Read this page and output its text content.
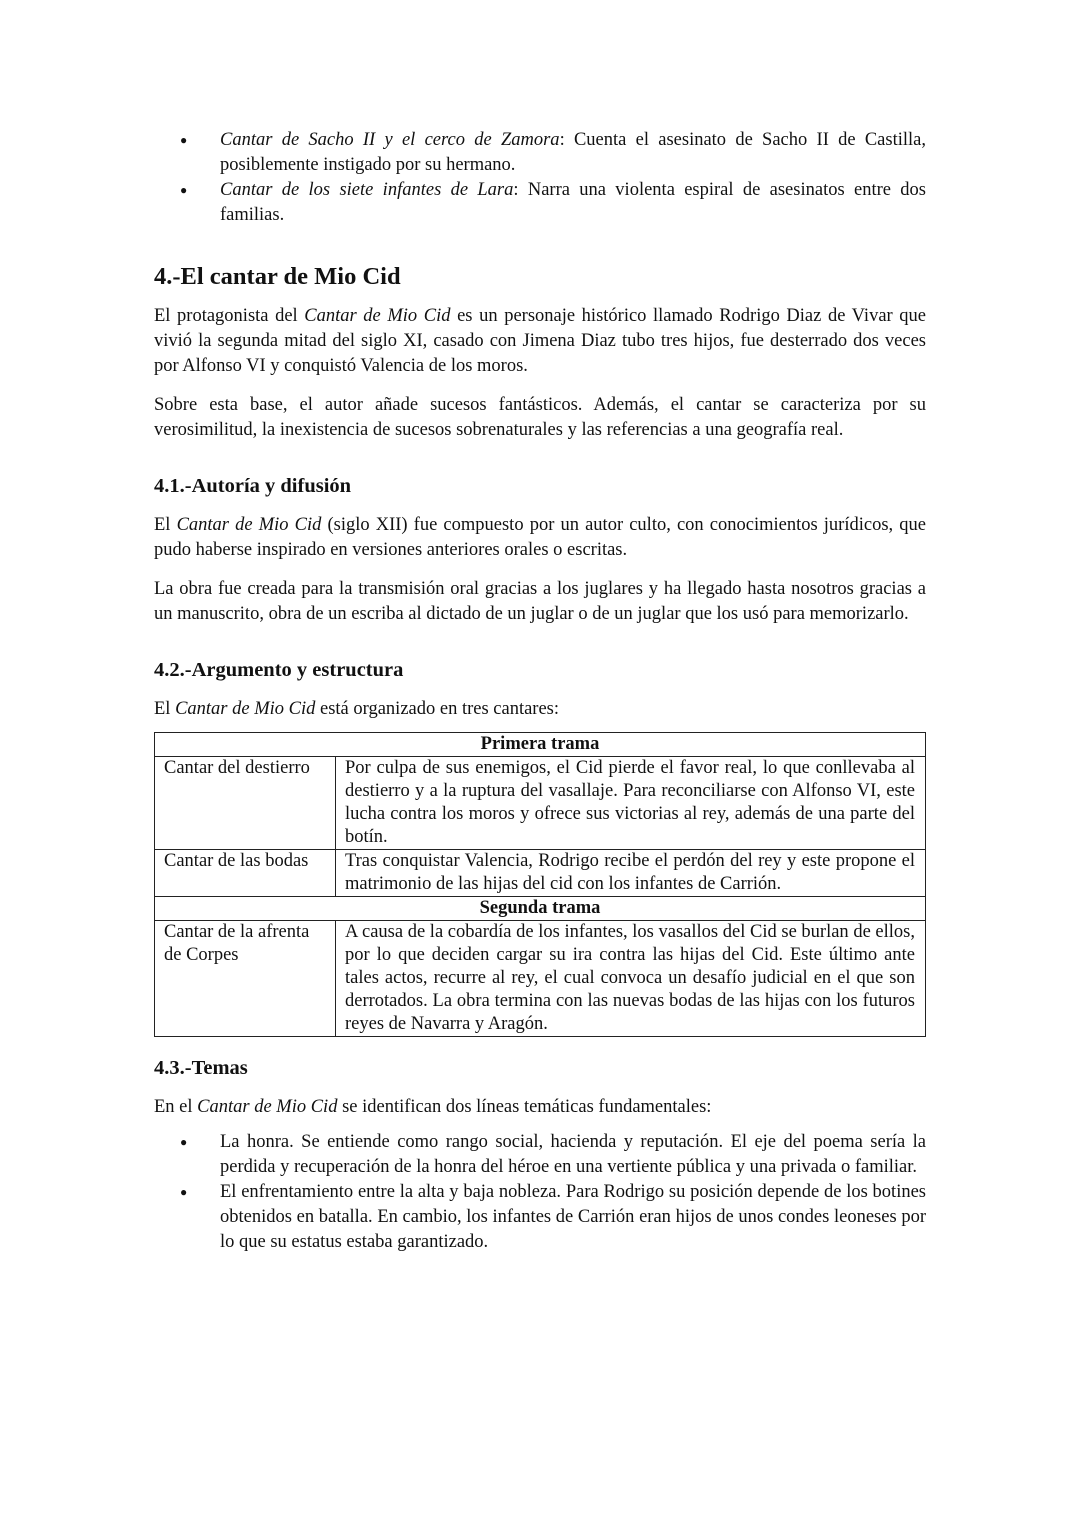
● Cantar de Sacho II y el cerco de Zamora: Cuenta el asesinato de Sacho II de Castilla, posiblemente instigado por su hermano.
● Cantar de los siete infantes de Lara: Narra una violenta espiral de asesinatos entre dos familias.
4.-El cantar de Mio Cid

El protagonista del Cantar de Mio Cid es un personaje histórico llamado Rodrigo Diaz de Vivar que vivió la segunda mitad del siglo XI, casado con Jimena Diaz tubo tres hijos, fue desterrado dos veces por Alfonso VI y conquistó Valencia de los moros.

Sobre esta base, el autor añade sucesos fantásticos. Además, el cantar se caracteriza por su verosimilitud, la inexistencia de sucesos sobrenaturales y las referencias a una geografía real.

4.1.-Autoría y difusión

El Cantar de Mio Cid (siglo XII) fue compuesto por un autor culto, con conocimientos jurídicos, que pudo haberse inspirado en versiones anteriores orales o escritas.

La obra fue creada para la transmisión oral gracias a los juglares y ha llegado hasta nosotros gracias a un manuscrito, obra de un escriba al dictado de un juglar o de un juglar que los usó para memorizarlo.

4.2.-Argumento y estructura

El Cantar de Mio Cid está organizado en tres cantares:

Primera trama	
Cantar del destierro	Por culpa de sus enemigos, el Cid pierde el favor real, lo que conllevaba al destierro y a la ruptura del vasallaje. Para reconciliarse con Alfonso VI, este lucha contra los moros y ofrece sus victorias al rey, además de una parte del botín.
Cantar de las bodas	Tras conquistar Valencia, Rodrigo recibe el perdón del rey y este propone el matrimonio de las hijas del cid con los infantes de Carrión.
Segunda trama	
Cantar de la afrenta de Corpes	A causa de la cobardía de los infantes, los vasallos del Cid se burlan de ellos, por lo que deciden cargar su ira contra las hijas del Cid. Este último ante tales actos, recurre al rey, el cual convoca un desafío judicial en el que son derrotados. La obra termina con las nuevas bodas de las hijas con los futuros reyes de Navarra y Aragón.
4.3.-Temas

En el Cantar de Mio Cid se identifican dos líneas temáticas fundamentales:

● La honra. Se entiende como rango social, hacienda y reputación. El eje del poema sería la perdida y recuperación de la honra del héroe en una vertiente pública y una privada o familiar.
● El enfrentamiento entre la alta y baja nobleza. Para Rodrigo su posición depende de los botines obtenidos en batalla. En cambio, los infantes de Carrión eran hijos de unos condes leoneses por lo que su estatus estaba garantizado.
